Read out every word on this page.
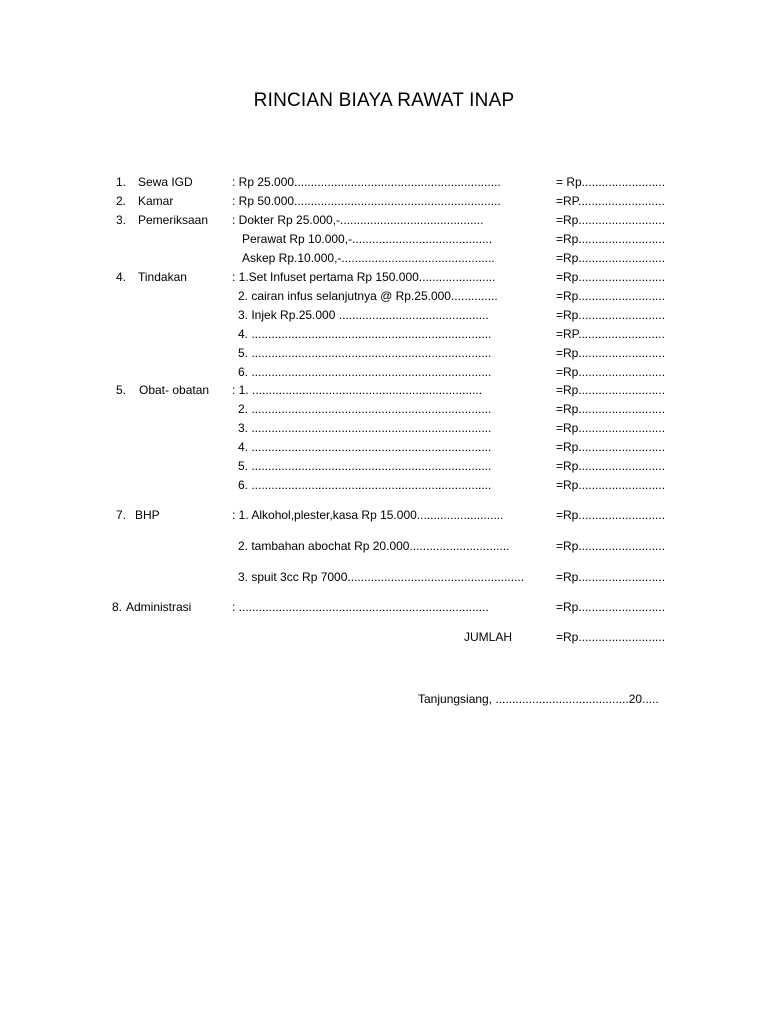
RINCIAN BIAYA RAWAT INAP
1. Sewa IGD	: Rp 25.000..............................................................	= Rp.........................
2. Kamar	: Rp 50.000..............................................................	=RP..........................
3. Pemeriksaan : Dokter Rp 25.000,-...........................................	=Rp..........................
Perawat Rp 10.000,-..........................................	=Rp..........................
Askep Rp.10.000,-..............................................	=Rp..........................
4. Tindakan	: 1.Set Infuset pertama Rp 150.000.......................	=Rp..........................
2. cairan infus selanjutnya @ Rp.25.000..............	=Rp..........................
3. Injek Rp.25.000 .............................................	=Rp..........................
4. ........................................................................	=RP..........................
5. ........................................................................	=Rp..........................
6. ........................................................................	=Rp..........................
5. Obat- obatan : 1. .....................................................................	=Rp..........................
2. ........................................................................	=Rp..........................
3. ........................................................................	=Rp..........................
4. ........................................................................	=Rp..........................
5. ........................................................................	=Rp..........................
6. ........................................................................	=Rp..........................
7. BHP	: 1. Alkohol,plester,kasa Rp 15.000..........................	=Rp..........................
2. tambahan abochat Rp 20.000..............................	=Rp..........................
3. spuit 3cc Rp 7000.....................................................	=Rp..........................
8. Administrasi	: ...........................................................................	=Rp..........................
JUMLAH	=Rp..........................
Tanjungsiang, ........................................20.....
